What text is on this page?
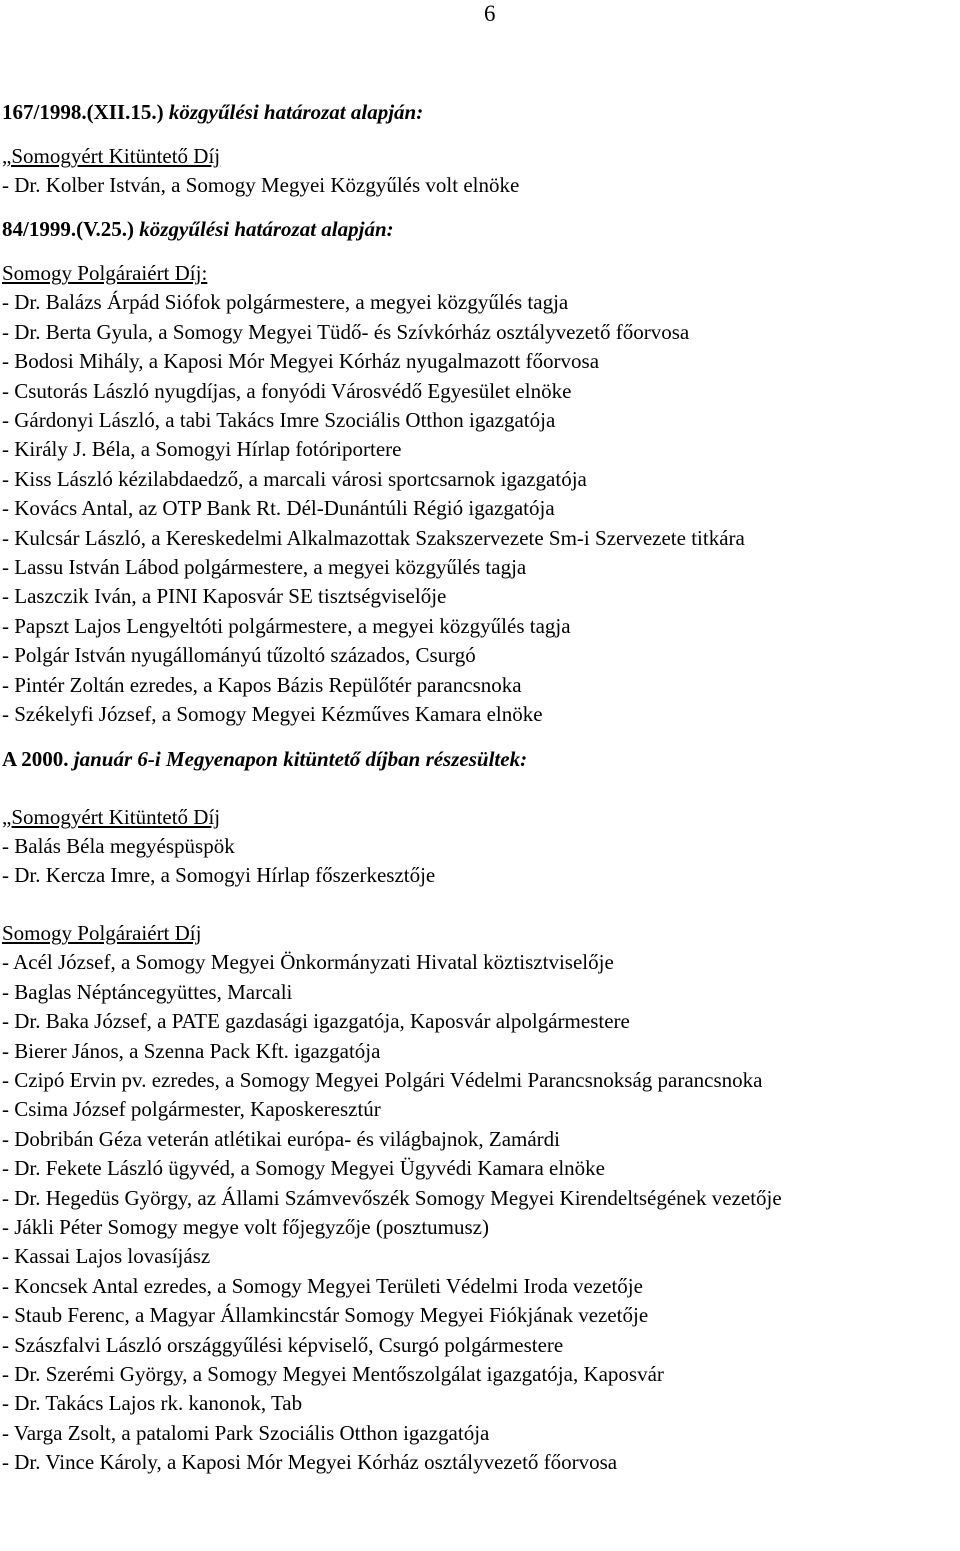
6

167/1998.(XII.15.) közgyűlési határozat alapján:

„Somogyért Kitüntető Díj

- Dr. Kolber István, a Somogy Megyei Közgyűlés volt elnöke

84/1999.(V.25.) közgyűlési határozat alapján:

Somogy Polgáraiért Díj:

- Dr. Balázs Árpád Siófok polgármestere, a megyei közgyűlés tagja

- Dr. Berta Gyula, a Somogy Megyei Tüdő- és Szívkórház osztályvezető főorvosa

- Bodosi Mihály, a Kaposi Mór Megyei Kórház nyugalmazott főorvosa

- Csutorás László nyugdíjas, a fonyódi Városvédő Egyesület elnöke

- Gárdonyi László, a tabi Takács Imre Szociális Otthon igazgatója

- Király J. Béla, a Somogyi Hírlap fotóriportere

- Kiss László kézilabdaedző, a marcali városi sportcsarnok igazgatója

- Kovács Antal, az OTP Bank Rt. Dél-Dunántúli Régió igazgatója

- Kulcsár László, a Kereskedelmi Alkalmazottak Szakszervezete Sm-i Szervezete titkára

- Lassu István Lábod polgármestere, a megyei közgyűlés tagja

- Laszczik Iván, a PINI Kaposvár SE tisztségviselője

- Papszt Lajos Lengyeltóti polgármestere, a megyei közgyűlés tagja

- Polgár István nyugállományú tűzoltó százados, Csurgó

- Pintér Zoltán ezredes, a Kapos Bázis Repülőtér parancsnoka

- Székelyfi József, a Somogy Megyei Kézműves Kamara elnöke

A 2000. január 6-i Megyenapon kitüntető díjban részesültek:

„Somogyért Kitüntető Díj

- Balás Béla megyéspüspök

- Dr. Kercza Imre, a Somogyi Hírlap főszerkesztője

Somogy Polgáraiért Díj

- Acél József, a Somogy Megyei Önkormányzati Hivatal köztisztviselője

- Baglas Néptáncegyüttes, Marcali

- Dr. Baka József, a PATE gazdasági igazgatója, Kaposvár alpolgármestere

- Bierer János, a Szenna Pack Kft. igazgatója

- Czipó Ervin pv. ezredes, a Somogy Megyei Polgári Védelmi Parancsnokság parancsnoka

- Csima József polgármester, Kaposkeresztúr

- Dobribán Géza veterán atlétikai európa- és világbajnok, Zamárdi

- Dr. Fekete László ügyvéd, a Somogy Megyei Ügyvédi Kamara elnöke

- Dr. Hegedüs György, az Állami Számvevőszék Somogy Megyei Kirendeltségének vezetője

- Jákli Péter Somogy megye volt főjegyzője (posztumusz)

- Kassai Lajos lovasíjász

- Koncsek Antal ezredes, a Somogy Megyei Területi Védelmi Iroda vezetője

- Staub Ferenc, a Magyar Államkincstár Somogy Megyei Fiókjának vezetője

- Szászfalvi László országgyűlési képviselő, Csurgó polgármestere

- Dr. Szerémi György, a Somogy Megyei Mentőszolgálat igazgatója, Kaposvár

- Dr. Takács Lajos rk. kanonok, Tab

- Varga Zsolt, a patalomi Park Szociális Otthon igazgatója

- Dr. Vince Károly, a Kaposi Mór Megyei Kórház osztályvezető főorvosa
